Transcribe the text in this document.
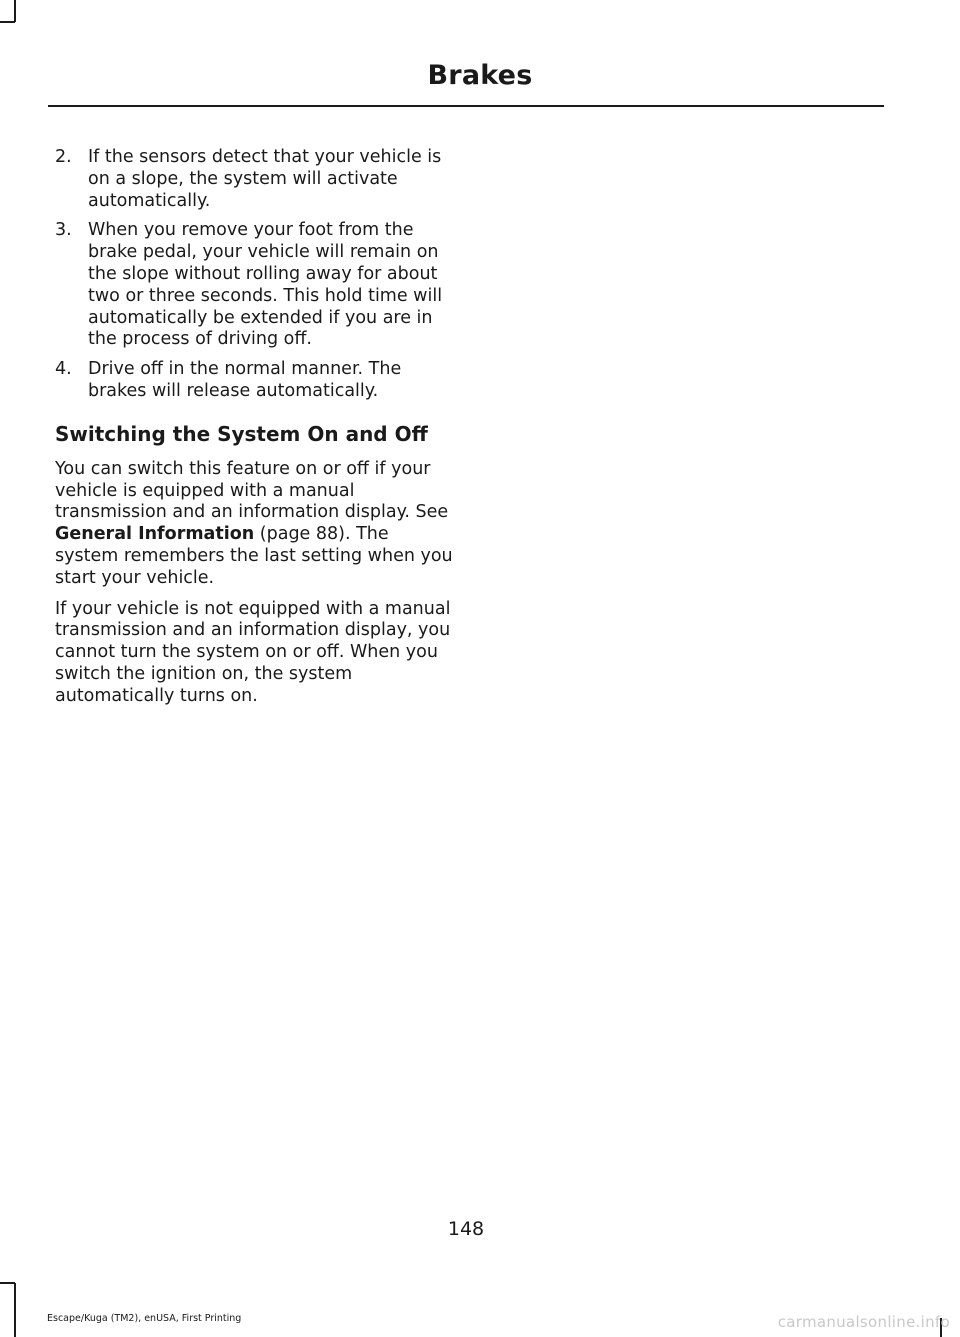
Brakes
2. If the sensors detect that your vehicle is on a slope, the system will activate automatically.
3. When you remove your foot from the brake pedal, your vehicle will remain on the slope without rolling away for about two or three seconds. This hold time will automatically be extended if you are in the process of driving off.
4. Drive off in the normal manner. The brakes will release automatically.
Switching the System On and Off

You can switch this feature on or off if your vehicle is equipped with a manual transmission and an information display. See General Information (page 88). The system remembers the last setting when you start your vehicle.

If your vehicle is not equipped with a manual transmission and an information display, you cannot turn the system on or off. When you switch the ignition on, the system automatically turns on.

148
Escape/Kuga (TM2), enUSA, First Printing	carmanualsonline.info
